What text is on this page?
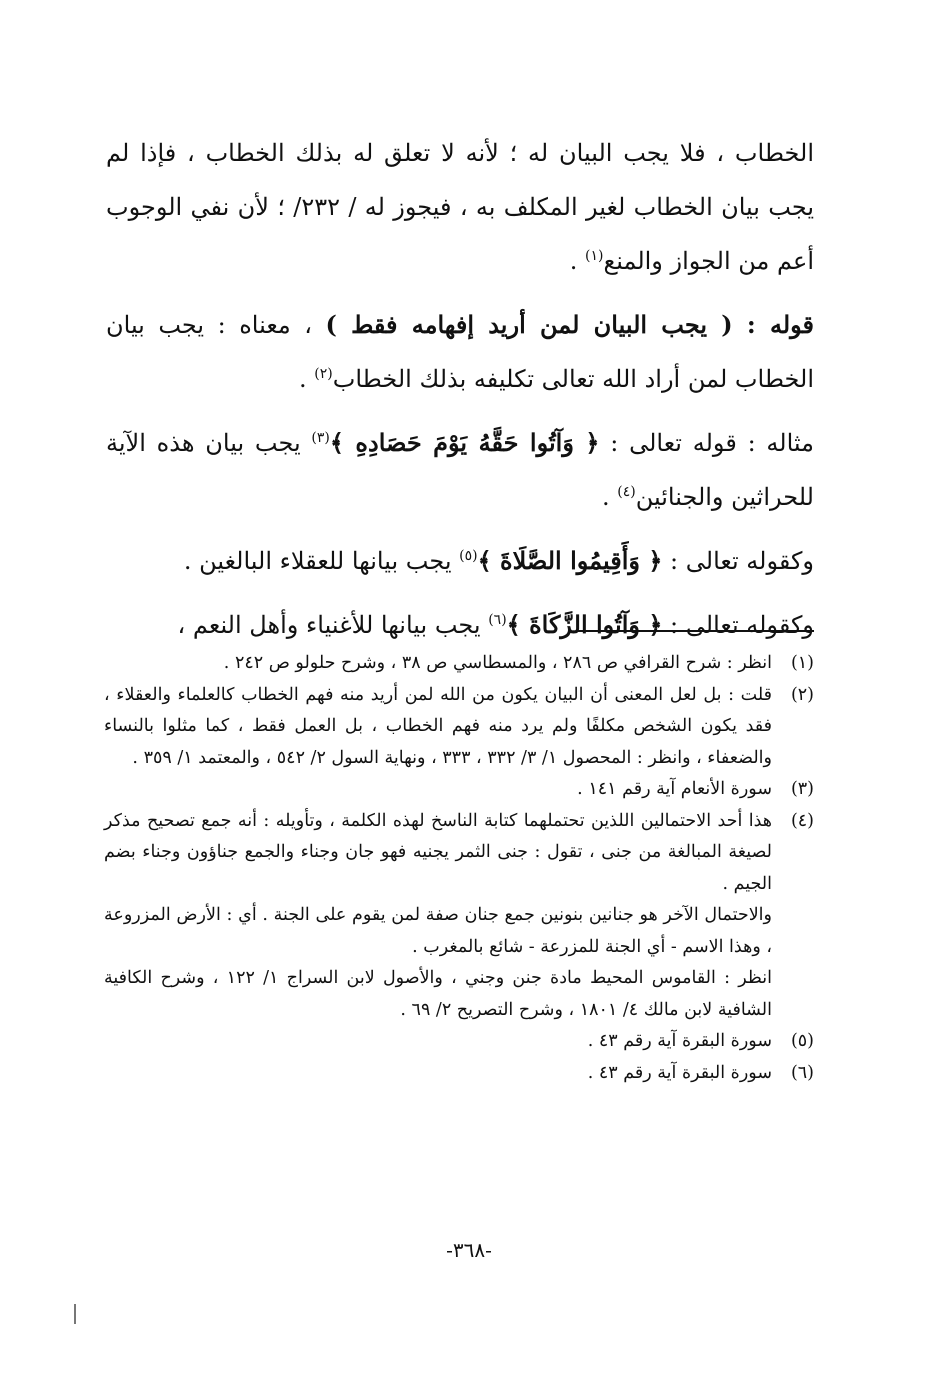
الخطاب ، فلا يجب البيان له ؛ لأنه لا تعلق له بذلك الخطاب ، فإذا لم يجب بيان الخطاب لغير المكلف به ، فيجوز له / ٢٣٢/ ؛ لأن نفي الوجوب أعم من الجواز والمنع$^{(١)}$ .

قوله : ( يجب البيان لمن أريد إفهامه فقط ) ، معناه : يجب بيان الخطاب لمن أراد الله تعالى تكليفه بذلك الخطاب$^{(٢)}$ .

مثاله : قوله تعالى : ﴿ وَآتُوا حَقَّهُ يَوْمَ حَصَادِهِ ﴾$^{(٣)}$ يجب بيان هذه الآية للحراثين والجنائين$^{(٤)}$ .

وكقوله تعالى : ﴿ وَأَقِيمُوا الصَّلَاةَ ﴾$^{(٥)}$ يجب بيانها للعقلاء البالغين .

وكقوله تعالى : ﴿ وَآتُوا الزَّكَاةَ ﴾$^{(٦)}$ يجب بيانها للأغنياء وأهل النعم ،

(١)
انظر : شرح القرافي ص ٢٨٦ ، والمسطاسي ص ٣٨ ، وشرح حلولو ص ٢٤٢ .
(٢)
قلت : بل لعل المعنى أن البيان يكون من الله لمن أريد منه فهم الخطاب كالعلماء والعقلاء ، فقد يكون الشخص مكلفًا ولم يرد منه فهم الخطاب ، بل العمل فقط ، كما مثلوا بالنساء والضعفاء ، وانظر : المحصول ١/ ٣/ ٣٣٢ ، ٣٣٣ ، ونهاية السول ٢/ ٥٤٢ ، والمعتمد ١/ ٣٥٩ .
(٣)
سورة الأنعام آية رقم ١٤١ .
(٤)
هذا أحد الاحتمالين اللذين تحتملهما كتابة الناسخ لهذه الكلمة ، وتأويله : أنه جمع تصحيح مذكر لصيغة المبالغة من جنى ، تقول : جنى الثمر يجنيه فهو جان وجناء والجمع جناؤون وجناء بضم الجيم .
والاحتمال الآخر هو جنانين بنونين جمع جنان صفة لمن يقوم على الجنة . أي : الأرض المزروعة ، وهذا الاسم - أي الجنة للمزرعة - شائع بالمغرب .
انظر : القاموس المحيط مادة جنن وجني ، والأصول لابن السراج ١/ ١٢٢ ، وشرح الكافية الشافية لابن مالك ٤/ ١٨٠١ ، وشرح التصريح ٢/ ٦٩ .
(٥)
سورة البقرة آية رقم ٤٣ .
(٦)
سورة البقرة آية رقم ٤٣ .
-٣٦٨-
